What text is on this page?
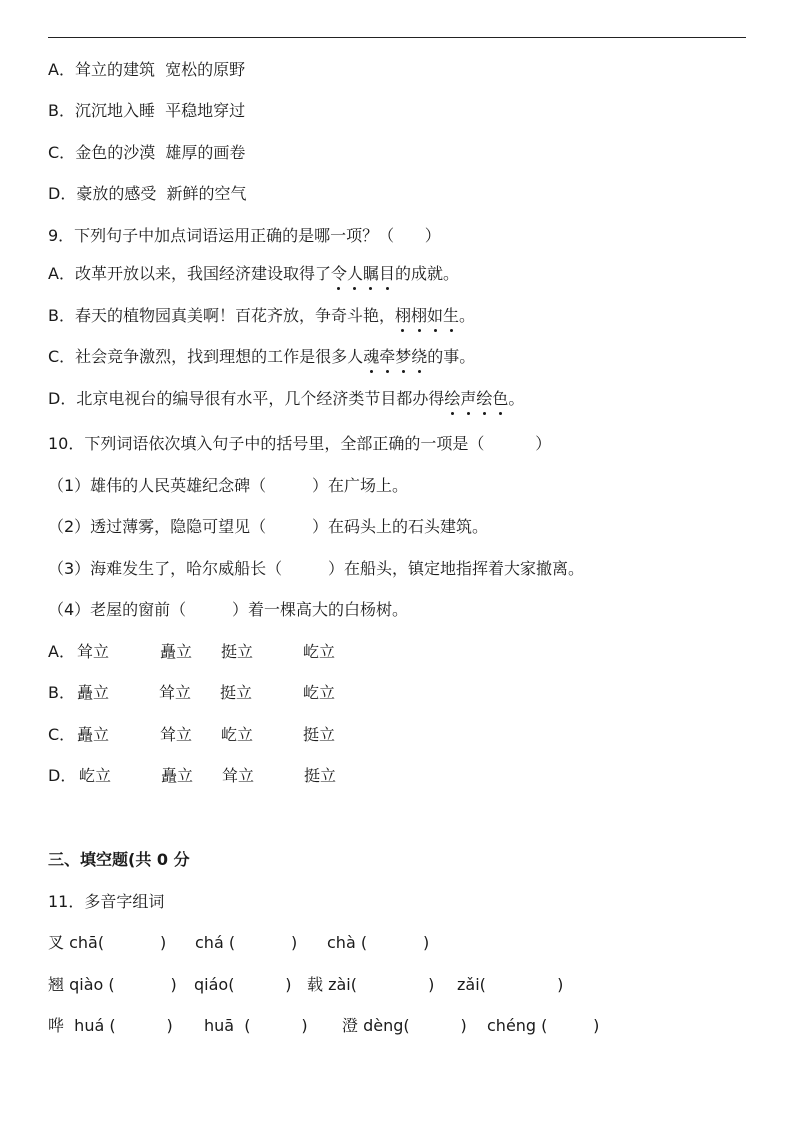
A．耸立的建筑  宽松的原野
B．沉沉地入睡  平稳地穿过
C．金色的沙漠  雄厚的画卷
D．豪放的感受  新鲜的空气
9．下列句子中加点词语运用正确的是哪一项？（      ）
A．改革开放以来，我国经济建设取得了令人瞩目的成就。
B．春天的植物园真美啊！百花齐放，争奇斗艳，栩栩如生。
C．社会竞争激烈，找到理想的工作是很多人魂牵梦绕的事。
D．北京电视台的编导很有水平，几个经济类节目都办得绘声绘色。
10．下列词语依次填入句子中的括号里，全部正确的一项是（          ）
（1）雄伟的人民英雄纪念碑（         ）在广场上。
（2）透过薄雾，隐隐可望见（         ）在码头上的石头建筑。
（3）海难发生了，哈尔威船长（         ）在船头，镇定地指挥着大家撤离。
（4）老屋的窗前（         ）着一棵高大的白杨树。
A． 耸立	矗立 挺立	屹立
B． 矗立	耸立 挺立	屹立
C． 矗立	耸立 屹立	挺立
D． 屹立	矗立 耸立	挺立
三、填空题(共 0 分
11．多音字组词
叉 chā(           ) chá (           ) chà (           )
翘 qiào (           ) qiáo(          ) 载 zài(              ) zǎi(              )
哗  huá (          ) huā  (          ) 澄 dèng(          ) chéng (         )
